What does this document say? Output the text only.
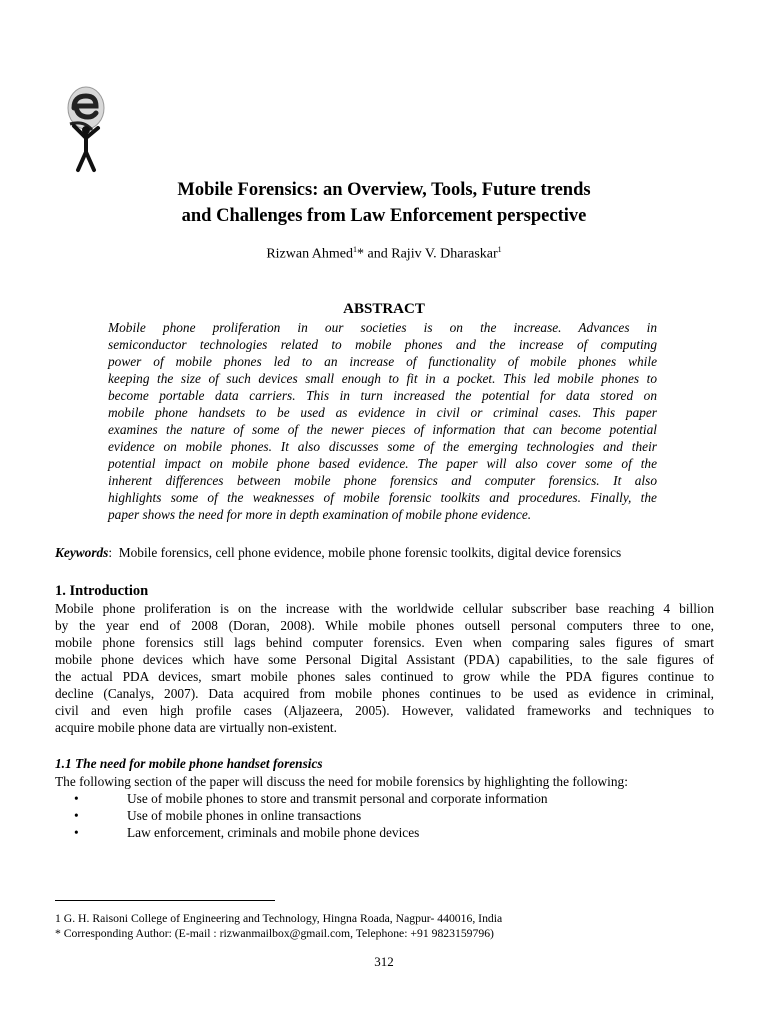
Mobile Forensics: an Overview, Tools, Future trends
and Challenges from Law Enforcement perspective
Rizwan Ahmed$^1$* and Rajiv V. Dharaskar$^1$
ABSTRACT
Mobile phone proliferation in our societies is on the increase. Advances in
semiconductor technologies related to mobile phones and the increase of computing
power of mobile phones led to an increase of functionality of mobile phones while
keeping the size of such devices small enough to fit in a pocket. This led mobile phones to
become portable data carriers. This in turn increased the potential for data stored on
mobile phone handsets to be used as evidence in civil or criminal cases. This paper
examines the nature of some of the newer pieces of information that can become potential
evidence on mobile phones. It also discusses some of the emerging technologies and their
potential impact on mobile phone based evidence. The paper will also cover some of the
inherent differences between mobile phone forensics and computer forensics. It also
highlights some of the weaknesses of mobile forensic toolkits and procedures. Finally, the
paper shows the need for more in depth examination of mobile phone evidence.

Keywords:  Mobile forensics, cell phone evidence, mobile phone forensic toolkits, digital device forensics

1. Introduction
Mobile phone proliferation is on the increase with the worldwide cellular subscriber base reaching 4 billion
by the year end of 2008 (Doran, 2008). While mobile phones outsell personal computers three to one,
mobile phone forensics still lags behind computer forensics. Even when comparing sales figures of smart
mobile phone devices which have some Personal Digital Assistant (PDA) capabilities, to the sale figures of
the actual PDA devices, smart mobile phones sales continued to grow while the PDA figures continue to
decline (Canalys, 2007). Data acquired from mobile phones continues to be used as evidence in criminal,
civil and even high profile cases (Aljazeera, 2005). However, validated frameworks and techniques to
acquire mobile phone data are virtually non-existent.
1.1 The need for mobile phone handset forensics
The following section of the paper will discuss the need for mobile forensics by highlighting the following:
•	Use of mobile phones to store and transmit personal and corporate information
•	Use of mobile phones in online transactions
•	Law enforcement, criminals and mobile phone devices
1 G. H. Raisoni College of Engineering and Technology, Hingna Roada, Nagpur- 440016, India
* Corresponding Author: (E-mail : rizwanmailbox@gmail.com, Telephone: +91 9823159796)
312
